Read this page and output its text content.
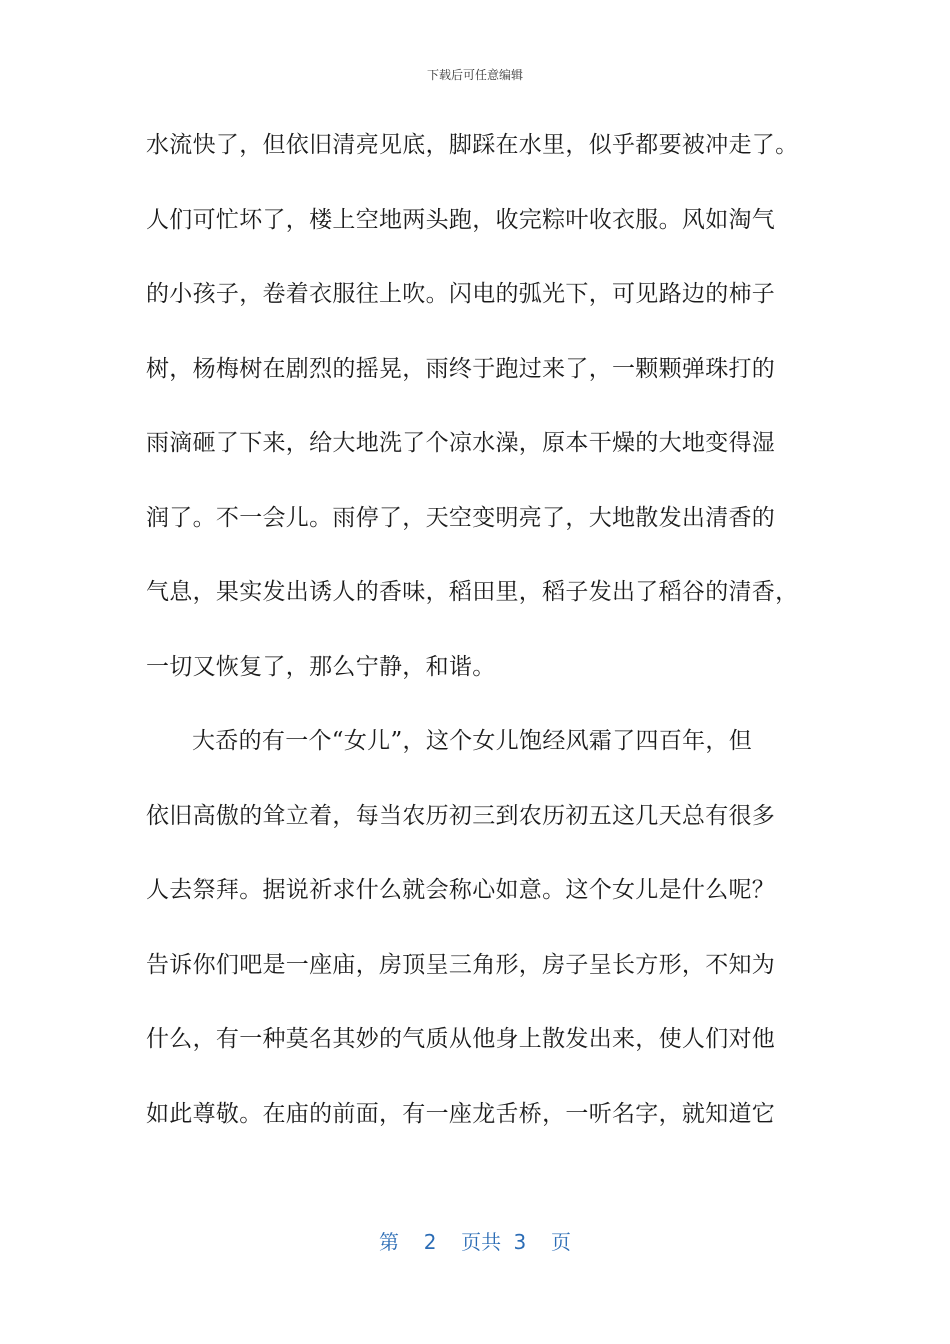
下载后可任意编辑
水流快了，但依旧清亮见底，脚踩在水里，似乎都要被冲走了。
人们可忙坏了，楼上空地两头跑，收完粽叶收衣服。风如淘气
的小孩子，卷着衣服往上吹。闪电的弧光下，可见路边的柿子
树，杨梅树在剧烈的摇晃，雨终于跑过来了，一颗颗弹珠打的
雨滴砸了下来，给大地洗了个凉水澡，原本干燥的大地变得湿
润了。不一会儿。雨停了，天空变明亮了，大地散发出清香的
气息，果实发出诱人的香味，稻田里，稻子发出了稻谷的清香，
一切又恢复了，那么宁静，和谐。
大岙的有一个“女儿”，这个女儿饱经风霜了四百年，但
依旧高傲的耸立着，每当农历初三到农历初五这几天总有很多
人去祭拜。据说祈求什么就会称心如意。这个女儿是什么呢？
告诉你们吧是一座庙，房顶呈三角形，房子呈长方形，不知为
什么，有一种莫名其妙的气质从他身上散发出来，使人们对他
如此尊敬。在庙的前面，有一座龙舌桥，一听名字，就知道它
第  2  页共 3  页
